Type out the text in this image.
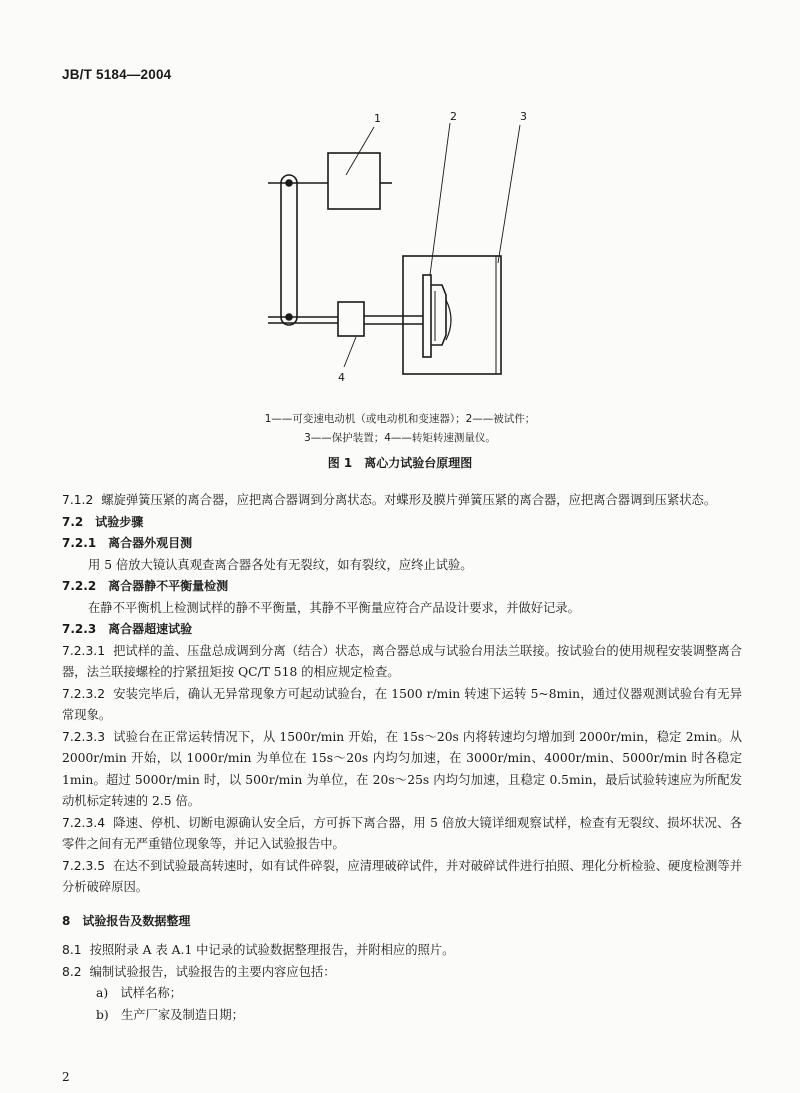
JB/T 5184—2004
1	2	3
4
1——可变速电动机（或电动机和变速器）；2——被试件；
3——保护装置；4——转矩转速测量仪。
图 1　离心力试验台原理图

7.1.2 螺旋弹簧压紧的离合器，应把离合器调到分离状态。对蝶形及膜片弹簧压紧的离合器，应把离合器调到压紧状态。

7.2　试验步骤

7.2.1　离合器外观目测

用 5 倍放大镜认真观查离合器各处有无裂纹，如有裂纹，应终止试验。

7.2.2　离合器静不平衡量检测

在静不平衡机上检测试样的静不平衡量，其静不平衡量应符合产品设计要求，并做好记录。

7.2.3　离合器超速试验

7.2.3.1 把试样的盖、压盘总成调到分离（结合）状态，离合器总成与试验台用法兰联接。按试验台的使用规程安装调整离合器，法兰联接螺栓的拧紧扭矩按 QC/T 518 的相应规定检查。

7.2.3.2 安装完毕后，确认无异常现象方可起动试验台，在 1500 r/min 转速下运转 5~8min，通过仪器观测试验台有无异常现象。

7.2.3.3 试验台在正常运转情况下，从 1500r/min 开始，在 15s～20s 内将转速均匀增加到 2000r/min，稳定 2min。从 2000r/min 开始，以 1000r/min 为单位在 15s～20s 内均匀加速，在 3000r/min、4000r/min、5000r/min 时各稳定 1min。超过 5000r/min 时，以 500r/min 为单位，在 20s～25s 内均匀加速，且稳定 0.5min，最后试验转速应为所配发动机标定转速的 2.5 倍。

7.2.3.4 降速、停机、切断电源确认安全后，方可拆下离合器，用 5 倍放大镜详细观察试样，检查有无裂纹、损坏状况、各零件之间有无严重错位现象等，并记入试验报告中。

7.2.3.5 在达不到试验最高转速时，如有试件碎裂，应清理破碎试件，并对破碎试件进行拍照、理化分析检验、硬度检测等并分析破碎原因。

8　试验报告及数据整理

8.1 按照附录 A 表 A.1 中记录的试验数据整理报告，并附相应的照片。

8.2 编制试验报告，试验报告的主要内容应包括：

a)　试样名称；

b)　生产厂家及制造日期；

2
